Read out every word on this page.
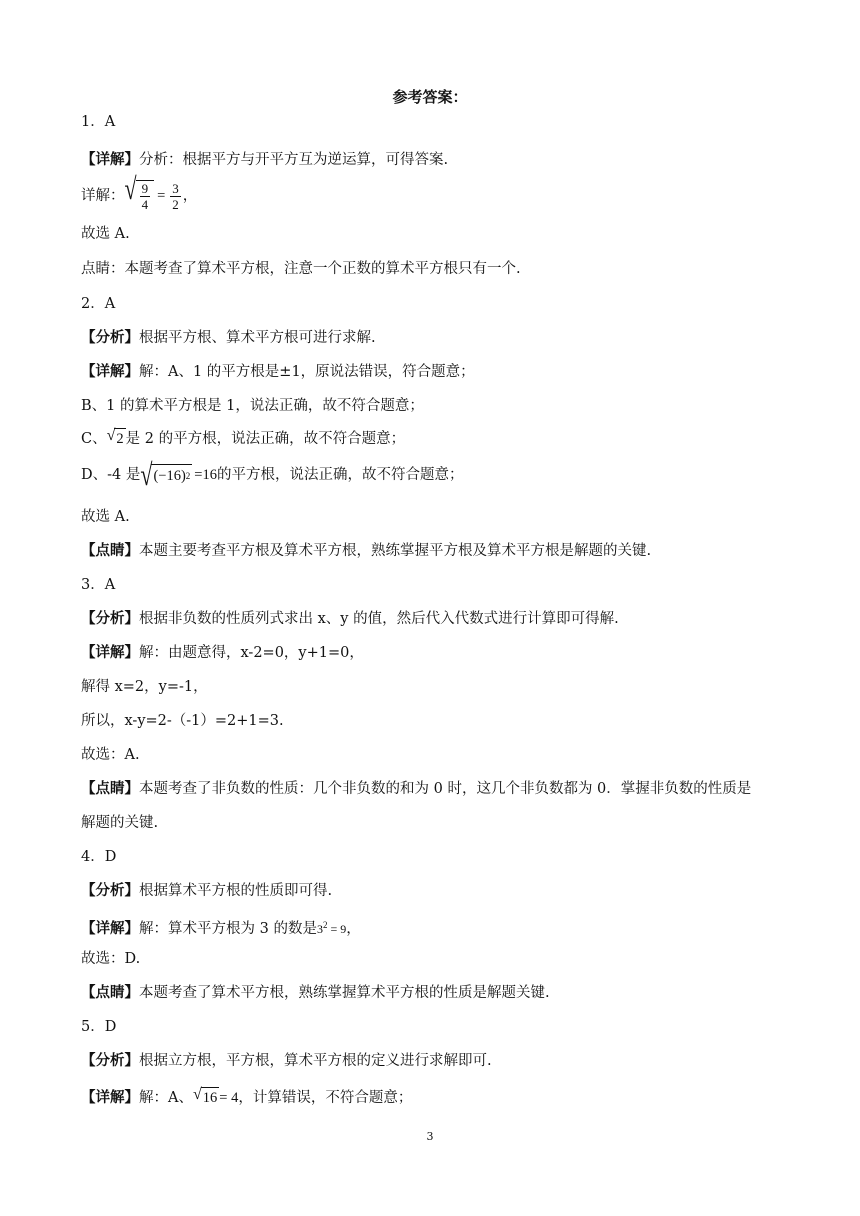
参考答案：
1．A
【详解】分析：根据平方与开平方互为逆运算，可得答案.
详解： √ $\frac{9}{4} = \frac{3}{2}$ ，
故选 A.
点睛：本题考查了算术平方根，注意一个正数的算术平方根只有一个.
2．A
【分析】根据平方根、算术平方根可进行求解.
【详解】解：A、1 的平方根是±1，原说法错误，符合题意；
B、1 的算术平方根是 1，说法正确，故不符合题意；
C、 √ 2 是 2 的平方根，说法正确，故不符合题意；
D、-4 是 √ (−16) 2 =16 的平方根，说法正确，故不符合题意；
故选 A.
【点睛】本题主要考查平方根及算术平方根，熟练掌握平方根及算术平方根是解题的关键.
3．A
【分析】根据非负数的性质列式求出 x、y 的值，然后代入代数式进行计算即可得解.
【详解】解：由题意得，x-2=0，y+1=0，
解得 x=2，y=-1，
所以，x-y=2-（-1）=2+1=3.
故选：A.
【点睛】本题考查了非负数的性质：几个非负数的和为 0 时，这几个非负数都为 0．掌握非负数的性质是
解题的关键.
4．D
【分析】根据算术平方根的性质即可得.
【详解】解：算术平方根为 3 的数是$3^2 = 9$，
故选：D.
【点睛】本题考查了算术平方根，熟练掌握算术平方根的性质是解题关键.
5．D
【分析】根据立方根，平方根，算术平方根的定义进行求解即可.
【详解】 解：A、 √ 16 = 4 ，计算错误，不符合题意；
3
